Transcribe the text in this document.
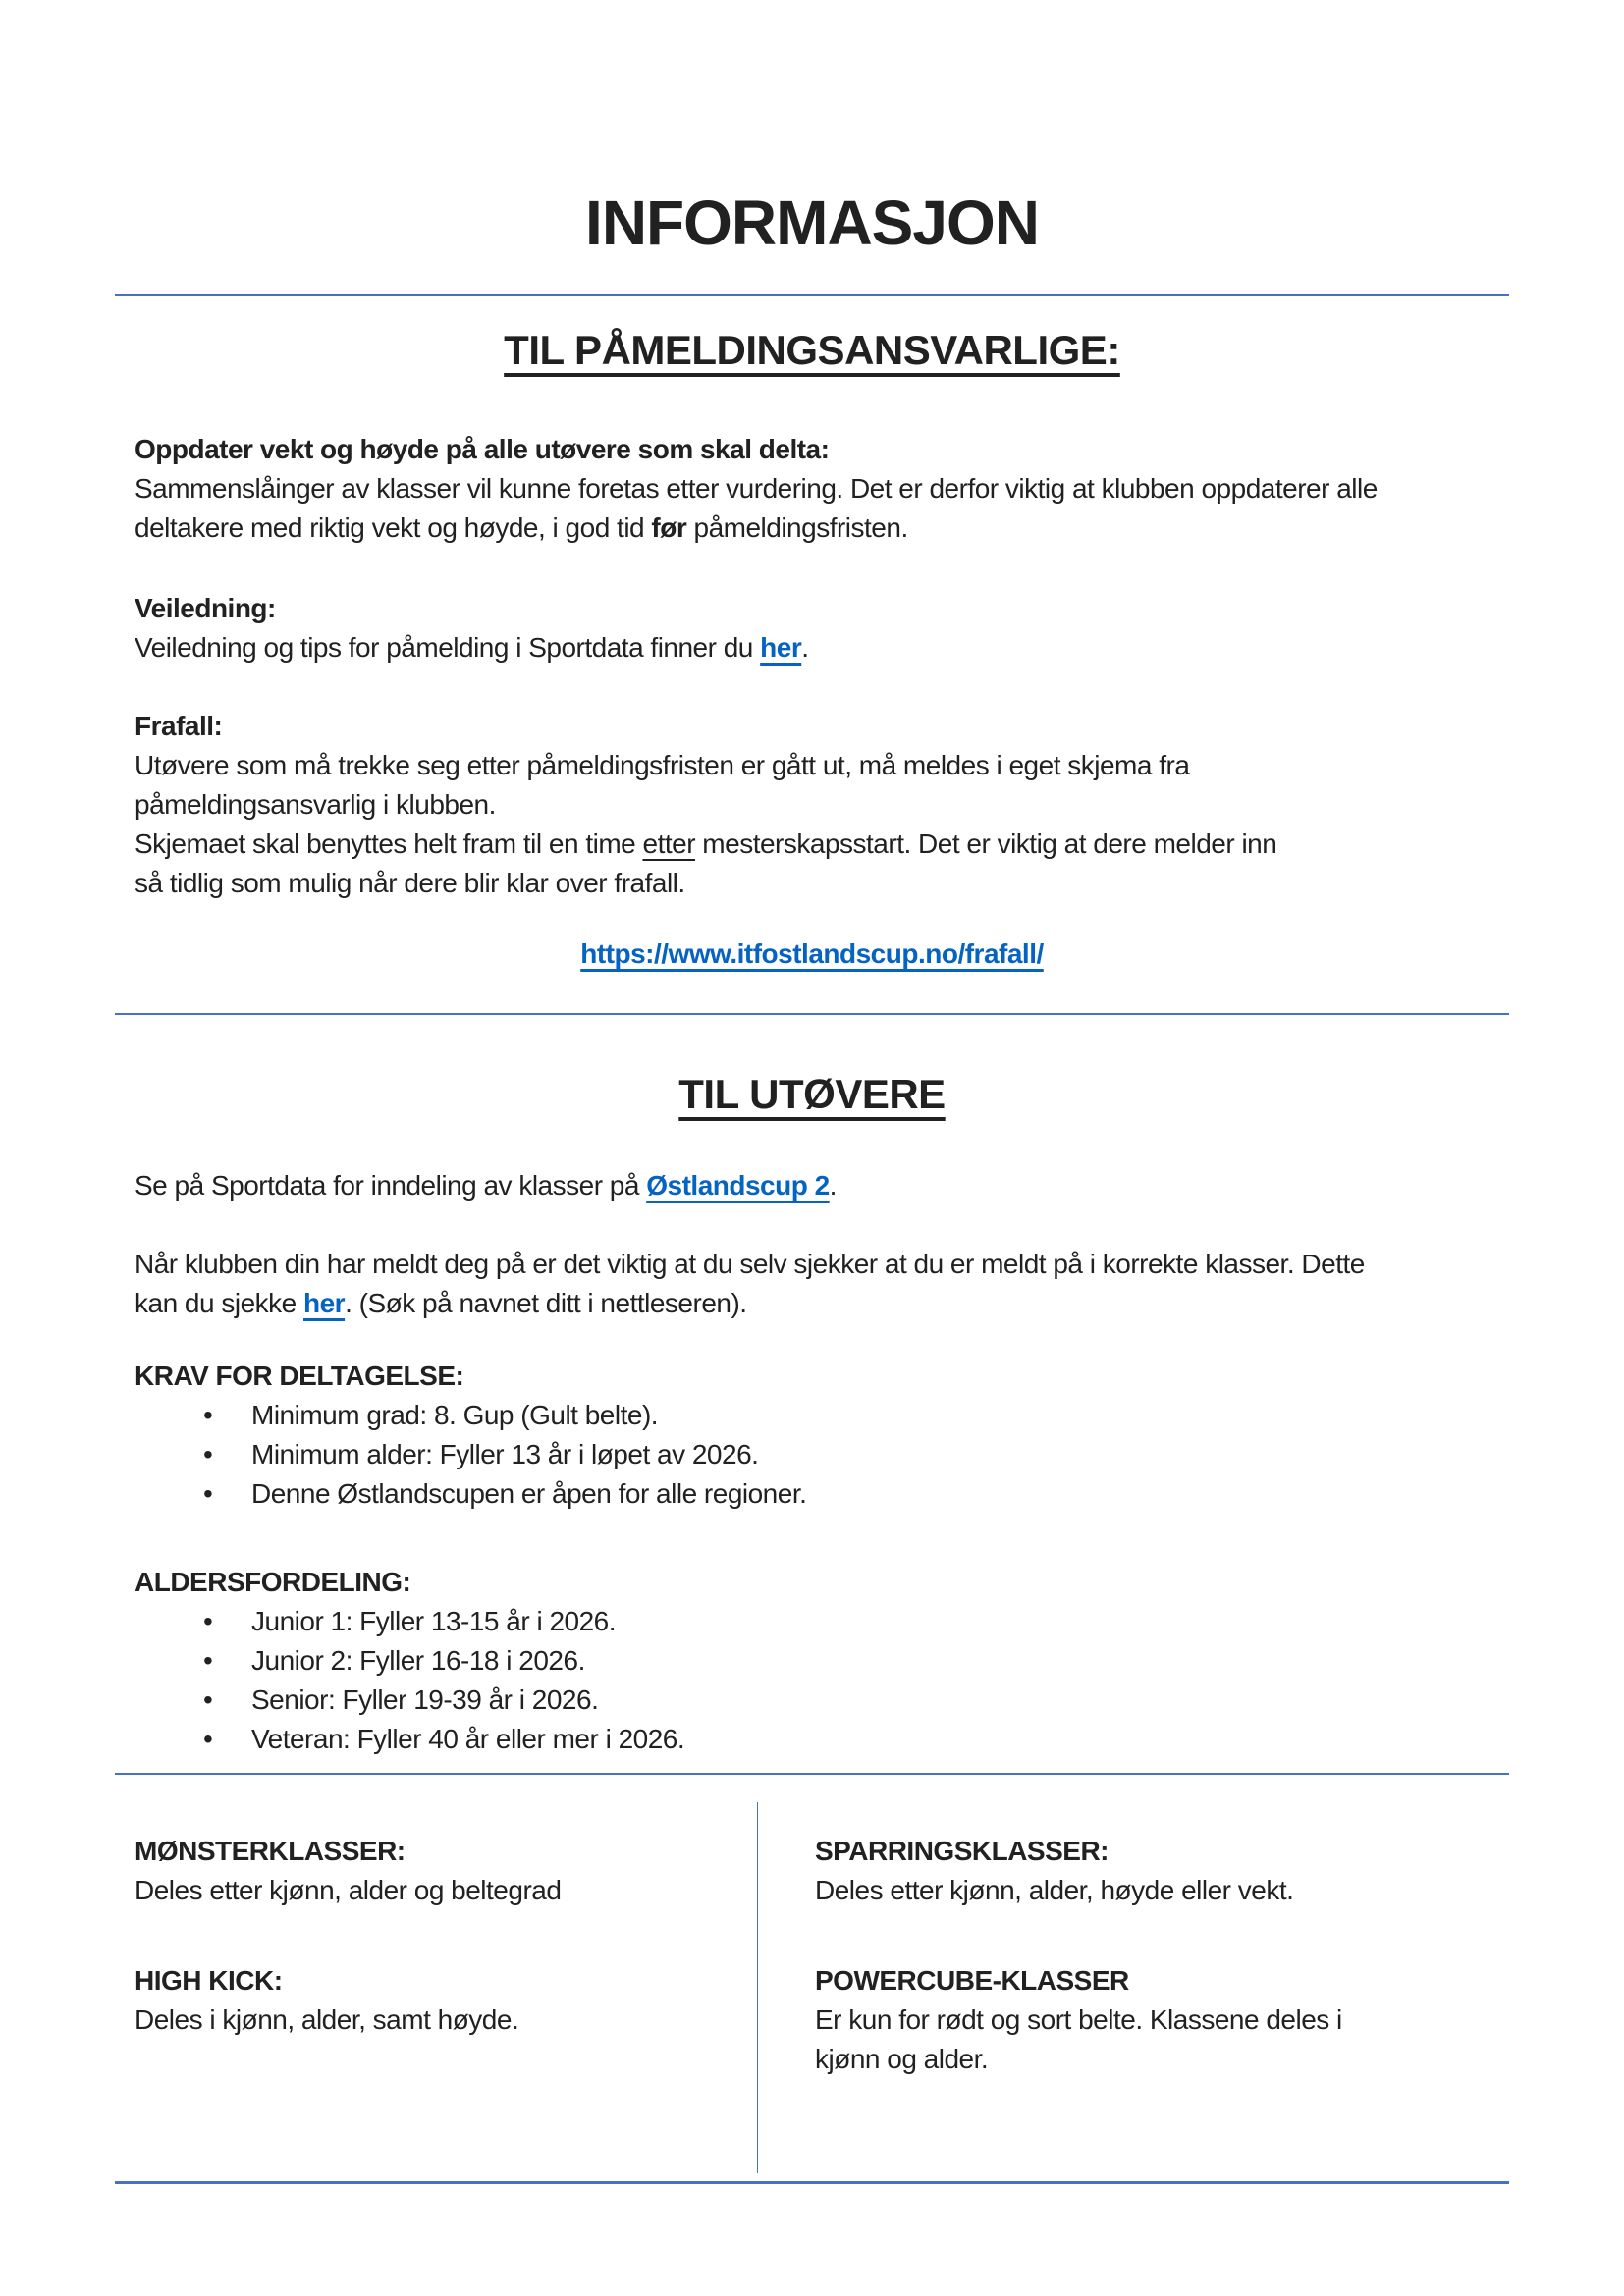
INFORMASJON
TIL PÅMELDINGSANSVARLIGE:
Oppdater vekt og høyde på alle utøvere som skal delta:
Sammenslåinger av klasser vil kunne foretas etter vurdering. Det er derfor viktig at klubben oppdaterer alle
deltakere med riktig vekt og høyde, i god tid før påmeldingsfristen.
Veiledning:
Veiledning og tips for påmelding i Sportdata finner du her.
Frafall:
Utøvere som må trekke seg etter påmeldingsfristen er gått ut, må meldes i eget skjema fra
påmeldingsansvarlig i klubben.
Skjemaet skal benyttes helt fram til en time etter mesterskapsstart. Det er viktig at dere melder inn
så tidlig som mulig når dere blir klar over frafall.
https://www.itfostlandscup.no/frafall/
TIL UTØVERE
Se på Sportdata for inndeling av klasser på Østlandscup 2.
Når klubben din har meldt deg på er det viktig at du selv sjekker at du er meldt på i korrekte klasser. Dette
kan du sjekke her. (Søk på navnet ditt i nettleseren).
KRAV FOR DELTAGELSE:
• Minimum grad: 8. Gup (Gult belte).
• Minimum alder: Fyller 13 år i løpet av 2026.
• Denne Østlandscupen er åpen for alle regioner.
ALDERSFORDELING:
• Junior 1: Fyller 13-15 år i 2026.
• Junior 2: Fyller 16-18 i 2026.
• Senior: Fyller 19-39 år i 2026.
• Veteran: Fyller 40 år eller mer i 2026.
MØNSTERKLASSER:
Deles etter kjønn, alder og beltegrad
HIGH KICK:
Deles i kjønn, alder, samt høyde.
SPARRINGSKLASSER:
Deles etter kjønn, alder, høyde eller vekt.
POWERCUBE-KLASSER
Er kun for rødt og sort belte. Klassene deles i
kjønn og alder.
